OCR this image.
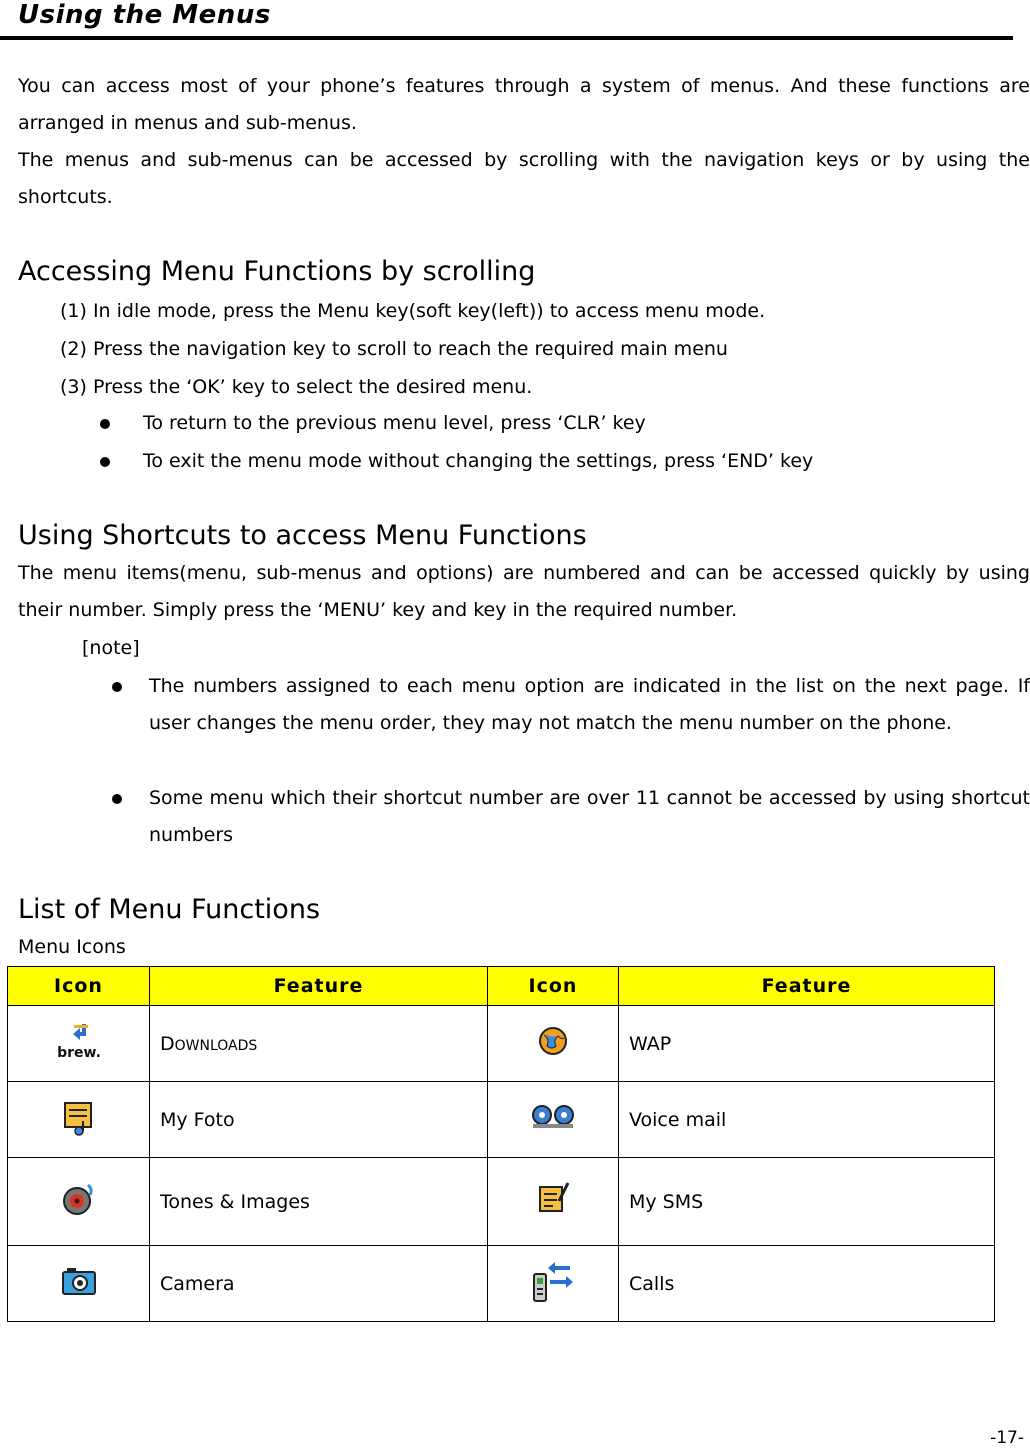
Using the Menus
You can access most of your phone’s features through a system of menus. And these functions are arranged in menus and sub-menus.
The menus and sub-menus can be accessed by scrolling with the navigation keys or by using the shortcuts.
Accessing Menu Functions by scrolling
(1) In idle mode, press the Menu key(soft key(left)) to access menu mode.
(2) Press the navigation key to scroll to reach the required main menu
(3) Press the ‘OK’ key to select the desired menu.
To return to the previous menu level, press ‘CLR’ key
To exit the menu mode without changing the settings, press ‘END’ key
Using Shortcuts to access Menu Functions
The menu items(menu, sub-menus and options) are numbered and can be accessed quickly by using their number. Simply press the ‘MENU’ key and key in the required number.
[note]
The numbers assigned to each menu option are indicated in the list on the next page. If user changes the menu order, they may not match the menu number on the phone.
Some menu which their shortcut number are over 11 cannot be accessed by using shortcut numbers
List of Menu Functions
Menu Icons
Icon	Feature	Icon	Feature

brew.	DOWNLOADS		WAP
	My Foto		Voice mail
	Tones & Images		My SMS
	Camera		Calls
-17-
